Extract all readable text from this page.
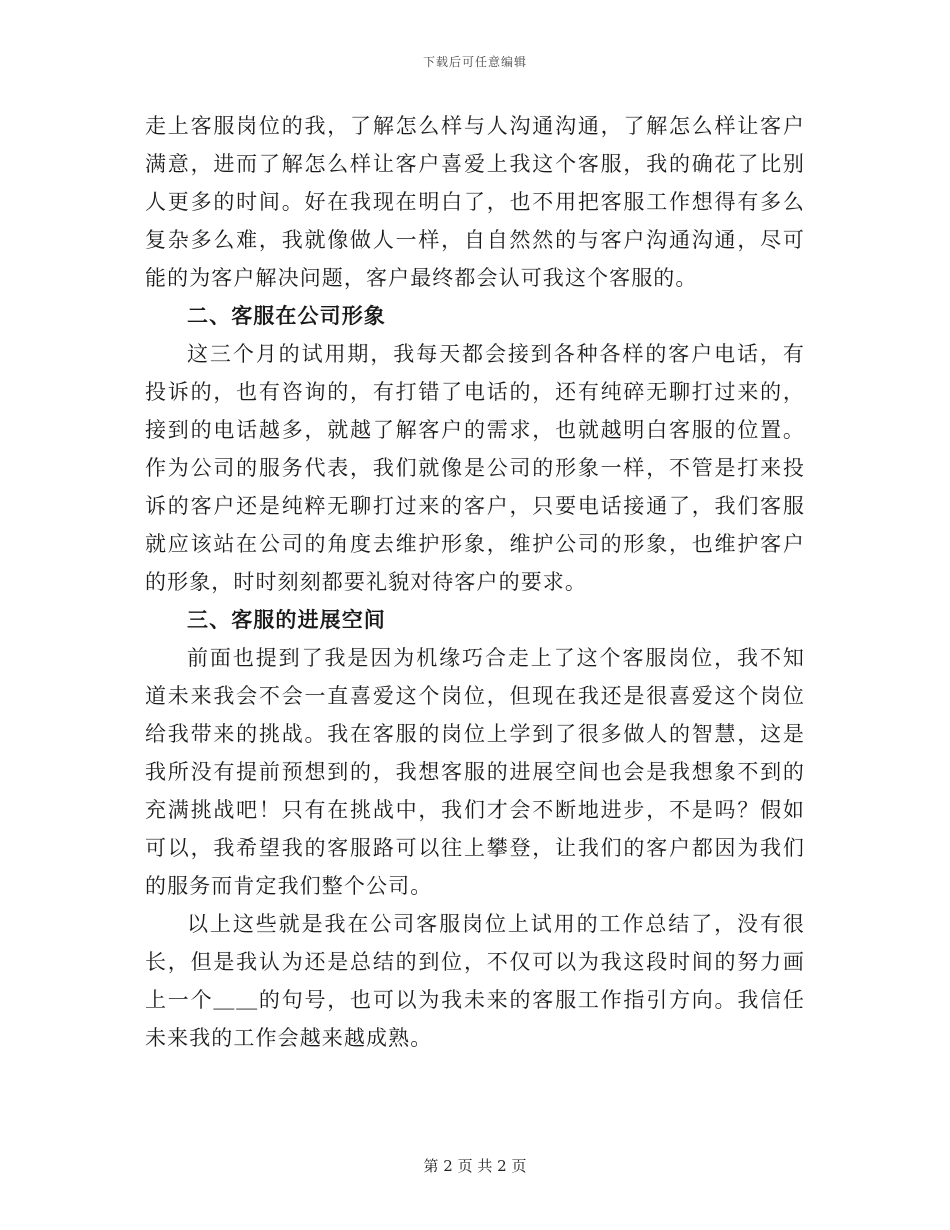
下载后可任意编辑

走上客服岗位的我，了解怎么样与人沟通沟通，了解怎么样让客户满意，进而了解怎么样让客户喜爱上我这个客服，我的确花了比别人更多的时间。好在我现在明白了，也不用把客服工作想得有多么复杂多么难，我就像做人一样，自自然然的与客户沟通沟通，尽可能的为客户解决问题，客户最终都会认可我这个客服的。

二、客服在公司形象

这三个月的试用期，我每天都会接到各种各样的客户电话，有投诉的，也有咨询的，有打错了电话的，还有纯碎无聊打过来的，接到的电话越多，就越了解客户的需求，也就越明白客服的位置。作为公司的服务代表，我们就像是公司的形象一样，不管是打来投诉的客户还是纯粹无聊打过来的客户，只要电话接通了，我们客服就应该站在公司的角度去维护形象，维护公司的形象，也维护客户的形象，时时刻刻都要礼貌对待客户的要求。

三、客服的进展空间

前面也提到了我是因为机缘巧合走上了这个客服岗位，我不知道未来我会不会一直喜爱这个岗位，但现在我还是很喜爱这个岗位给我带来的挑战。我在客服的岗位上学到了很多做人的智慧，这是我所没有提前预想到的，我想客服的进展空间也会是我想象不到的充满挑战吧！只有在挑战中，我们才会不断地进步，不是吗？假如可以，我希望我的客服路可以往上攀登，让我们的客户都因为我们的服务而肯定我们整个公司。

以上这些就是我在公司客服岗位上试用的工作总结了，没有很长，但是我认为还是总结的到位，不仅可以为我这段时间的努力画上一个＿＿的句号，也可以为我未来的客服工作指引方向。我信任未来我的工作会越来越成熟。

第 2 页 共 2 页
